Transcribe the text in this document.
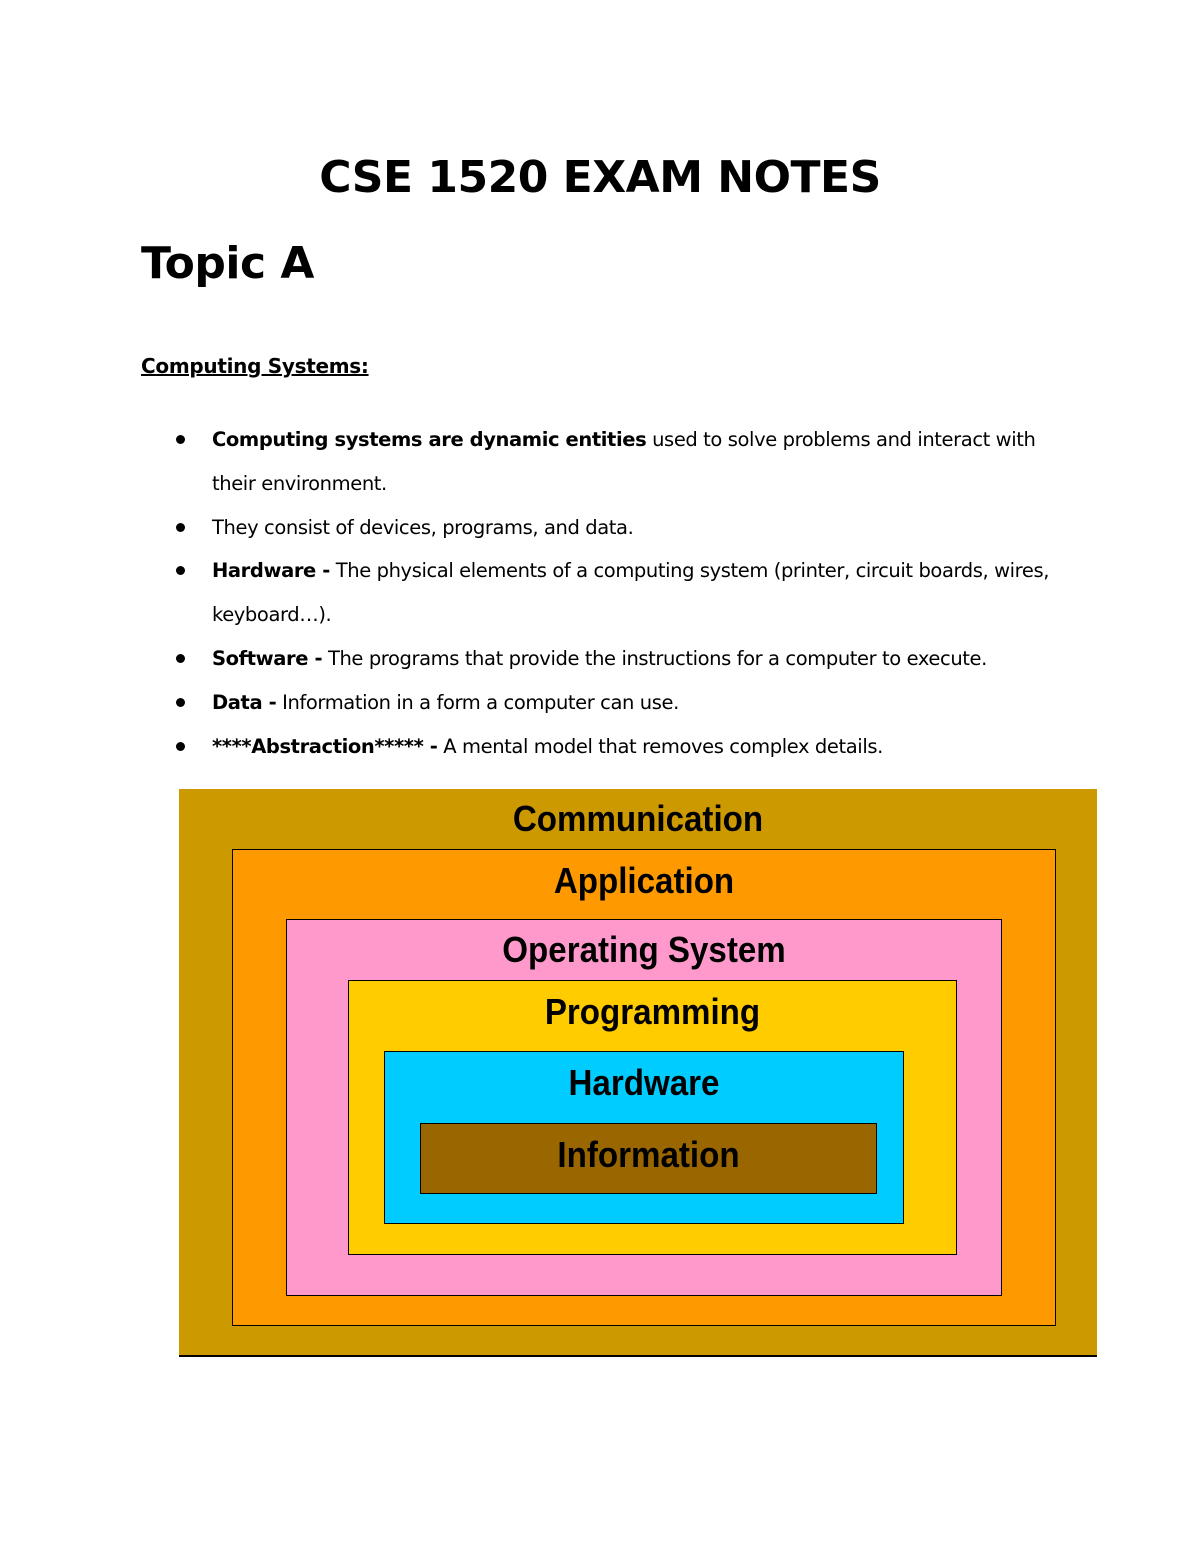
CSE 1520 EXAM NOTES
Topic A
Computing Systems:
Computing systems are dynamic entities used to solve problems and interact with their environment.
They consist of devices, programs, and data.
Hardware - The physical elements of a computing system (printer, circuit boards, wires, keyboard…).
Software - The programs that provide the instructions for a computer to execute.
Data - Information in a form a computer can use.
****Abstraction***** - A mental model that removes complex details.
Communication
Application
Operating System
Programming
Hardware
Information
